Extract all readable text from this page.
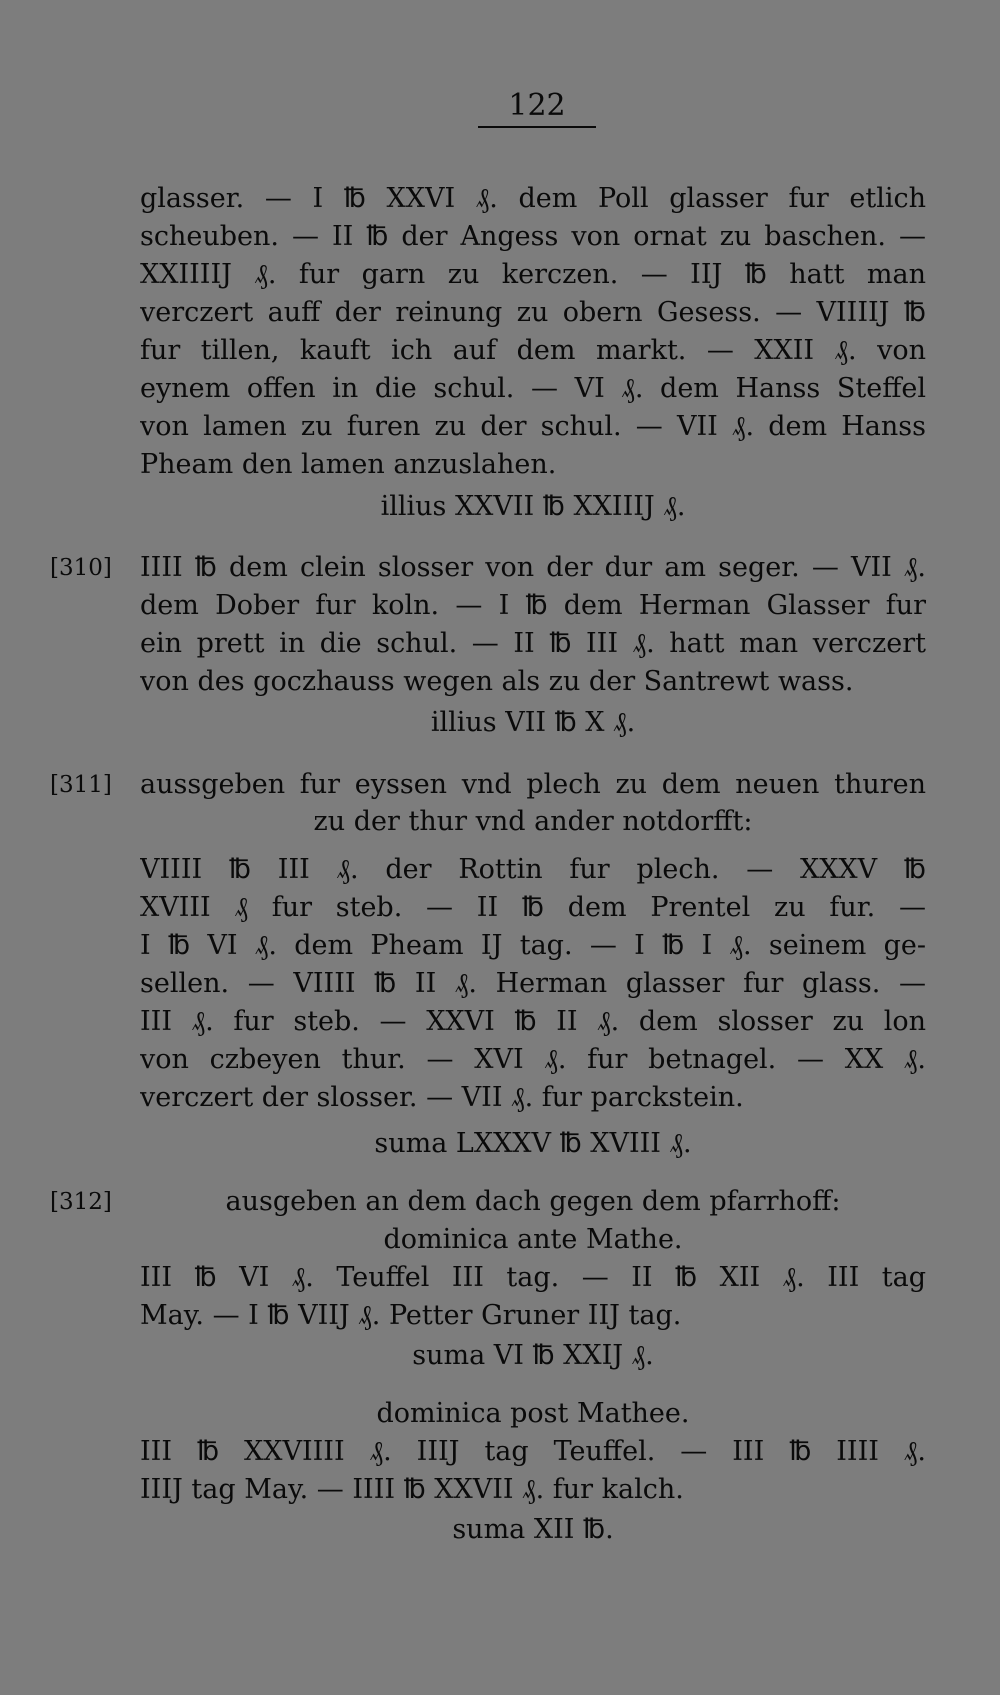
122
glasser. — I ℔ XXVI ₰. dem Poll glasser fur etlich
scheuben. — II ℔ der Angess von ornat zu baschen. —
XXIIIIJ ₰. fur garn zu kerczen. — IIJ ℔ hatt man
verczert auff der reinung zu obern Gesess. — VIIIIJ ℔
fur tillen, kauft ich auf dem markt. — XXII ₰. von
eynem offen in die schul. — VI ₰. dem Hanss Steffel
von lamen zu furen zu der schul. — VII ₰. dem Hanss
Pheam den lamen anzuslahen.
illius XXVII ℔ XXIIIJ ₰.
[310] IIII ℔ dem clein slosser von der dur am seger. — VII ₰.
dem Dober fur koln. — I ℔ dem Herman Glasser fur
ein prett in die schul. — II ℔ III ₰. hatt man verczert
von des goczhauss wegen als zu der Santrewt wass.
illius VII ℔ X ₰.
[311] aussgeben fur eyssen vnd plech zu dem neuen thuren
zu der thur vnd ander notdorfft:
VIIII ℔ III ₰. der Rottin fur plech. — XXXV ℔
XVIII ₰ fur steb. — II ℔ dem Prentel zu fur. —
I ℔ VI ₰. dem Pheam IJ tag. — I ℔ I ₰. seinem ge-
sellen. — VIIII ℔ II ₰. Herman glasser fur glass. —
III ₰. fur steb. — XXVI ℔ II ₰. dem slosser zu lon
von czbeyen thur. — XVI ₰. fur betnagel. — XX ₰.
verczert der slosser. — VII ₰. fur parckstein.
suma LXXXV ℔ XVIII ₰.
[312]	ausgeben an dem dach gegen dem pfarrhoff:
dominica ante Mathe.
III ℔ VI ₰. Teuffel III tag. — II ℔ XII ₰. III tag
May. — I ℔ VIIJ ₰. Petter Gruner IIJ tag.
suma VI ℔ XXIJ ₰.
dominica post Mathee.
III ℔ XXVIIII ₰. IIIJ tag Teuffel. — III ℔ IIII ₰.
IIIJ tag May. — IIII ℔ XXVII ₰. fur kalch.
suma XII ℔.
